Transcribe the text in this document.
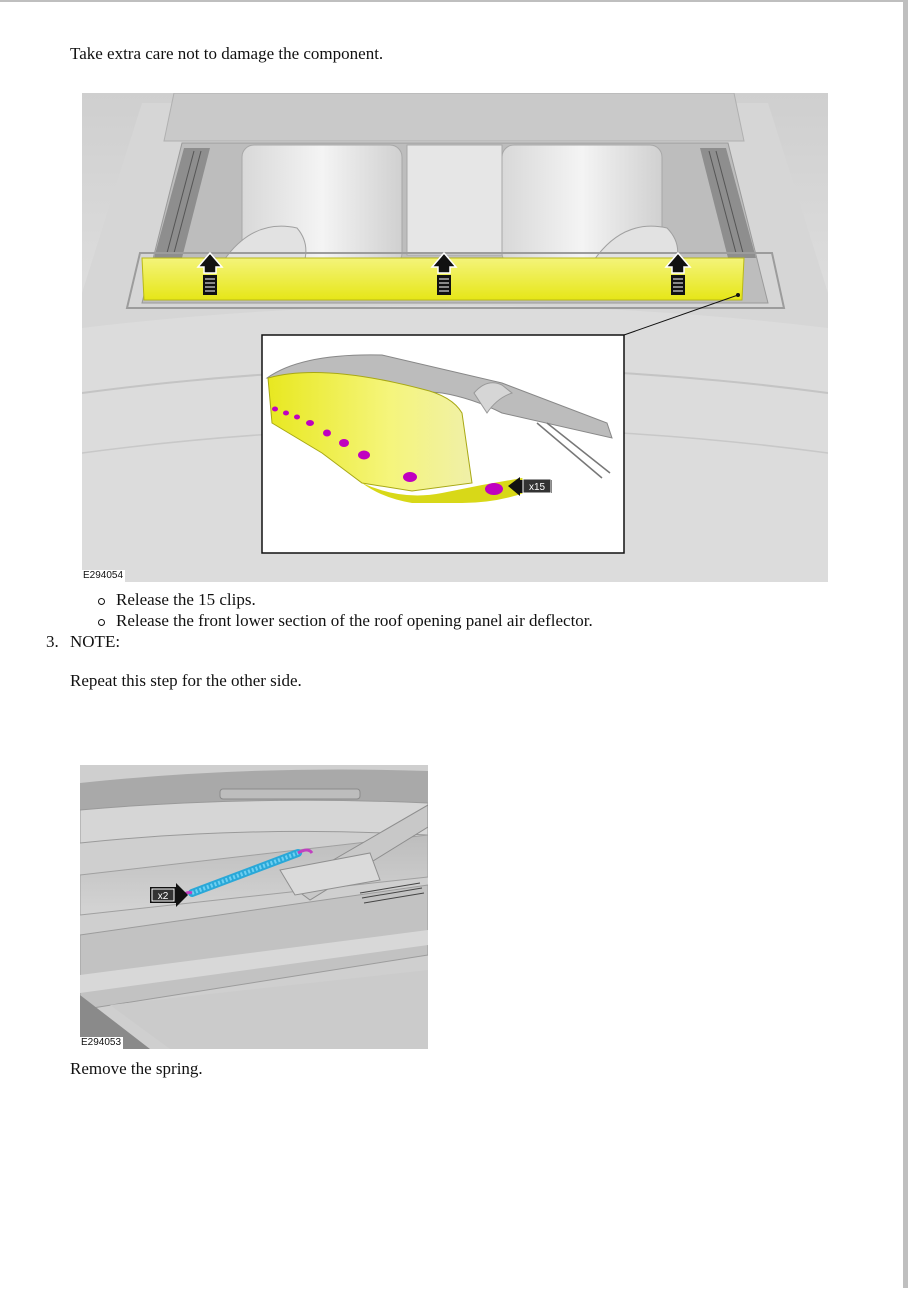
Take extra care not to damage the component.
x15
E294054
Release the 15 clips.
Release the front lower section of the roof opening panel air deflector.
3. NOTE:
Repeat this step for the other side.
x2
E294053
Remove the spring.
